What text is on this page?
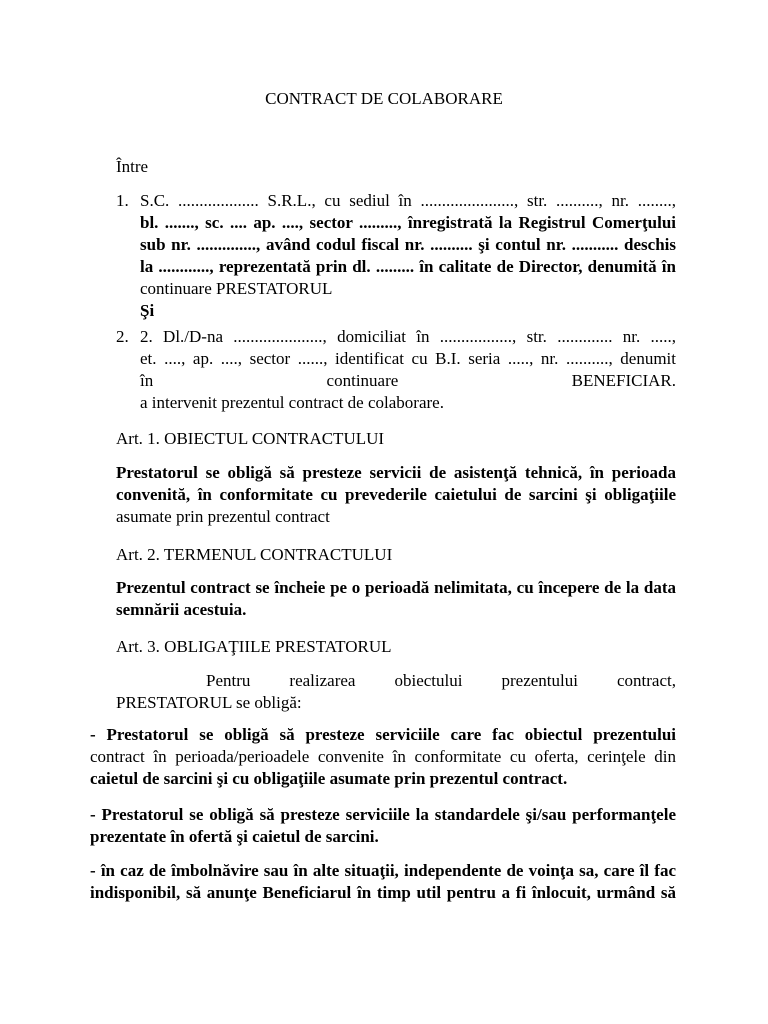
CONTRACT DE COLABORARE
Între
1. S.C. ................... S.R.L., cu sediul în ......................, str. .........., nr. ........,
bl. ......., sc. .... ap. ...., sector ........., înregistrată la Registrul Comerţului
sub nr. .............., având codul fiscal nr. .......... şi contul nr. ........... deschis
la ............, reprezentată prin dl. ......... în calitate de Director, denumită în
continuare PRESTATORUL
Şi
2. 2. Dl./D-na ....................., domiciliat în ................., str. ............. nr. .....,
et. ...., ap. ...., sector ......, identificat cu B.I. seria ....., nr. .........., denumit
în continuare BENEFICIAR.
a intervenit prezentul contract de colaborare.
Art. 1. OBIECTUL CONTRACTULUI
Prestatorul se obligă să presteze servicii de asistenţă tehnică, în perioada
convenită, în conformitate cu prevederile caietului de sarcini şi obligaţiile
asumate prin prezentul contract
Art. 2. TERMENUL CONTRACTULUI
Prezentul contract se încheie pe o perioadă nelimitata, cu începere de la data
semnării acestuia.
Art. 3. OBLIGAŢIILE PRESTATORUL
Pentru realizarea obiectului prezentului contract,
PRESTATORUL se obligă:
- Prestatorul se obligă să presteze serviciile care fac obiectul prezentului
contract în perioada/perioadele convenite în conformitate cu oferta, cerinţele din
caietul de sarcini şi cu obligaţiile asumate prin prezentul contract.
- Prestatorul se obligă să presteze serviciile la standardele şi/sau performanţele
prezentate în ofertă şi caietul de sarcini.
- în caz de îmbolnăvire sau în alte situaţii, independente de voinţa sa, care îl fac
indisponibil, să anunţe Beneficiarul în timp util pentru a fi înlocuit, urmând să
